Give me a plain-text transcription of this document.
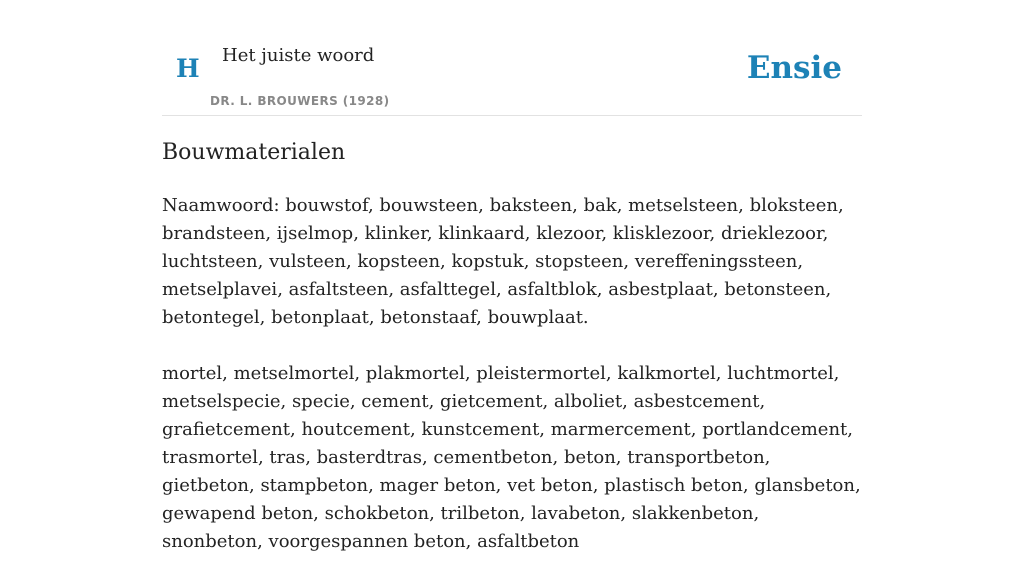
H Het juiste woord
DR. L. BROUWERS (1928)
Ensie
Bouwmaterialen

Naamwoord: bouwstof, bouwsteen, baksteen, bak, metselsteen, bloksteen, brandsteen, ijselmop, klinker, klinkaard, klezoor, klisklezoor, drieklezoor, luchtsteen, vulsteen, kopsteen, kopstuk, stopsteen, vereffeningssteen, metselplavei, asfaltsteen, asfalttegel, asfaltblok, asbestplaat, betonsteen, betontegel, betonplaat, betonstaaf, bouwplaat.

mortel, metselmortel, plakmortel, pleistermortel, kalkmortel, luchtmortel, metselspecie, specie, cement, gietcement, alboliet, asbestcement, grafietcement, houtcement, kunstcement, marmercement, portlandcement, trasmortel, tras, basterdtras, cementbeton, beton, transportbeton, gietbeton, stampbeton, mager beton, vet beton, plastisch beton, glansbeton, gewapend beton, schokbeton, trilbeton, lavabeton, slakkenbeton, snonbeton, voorgespannen beton, asfaltbeton
